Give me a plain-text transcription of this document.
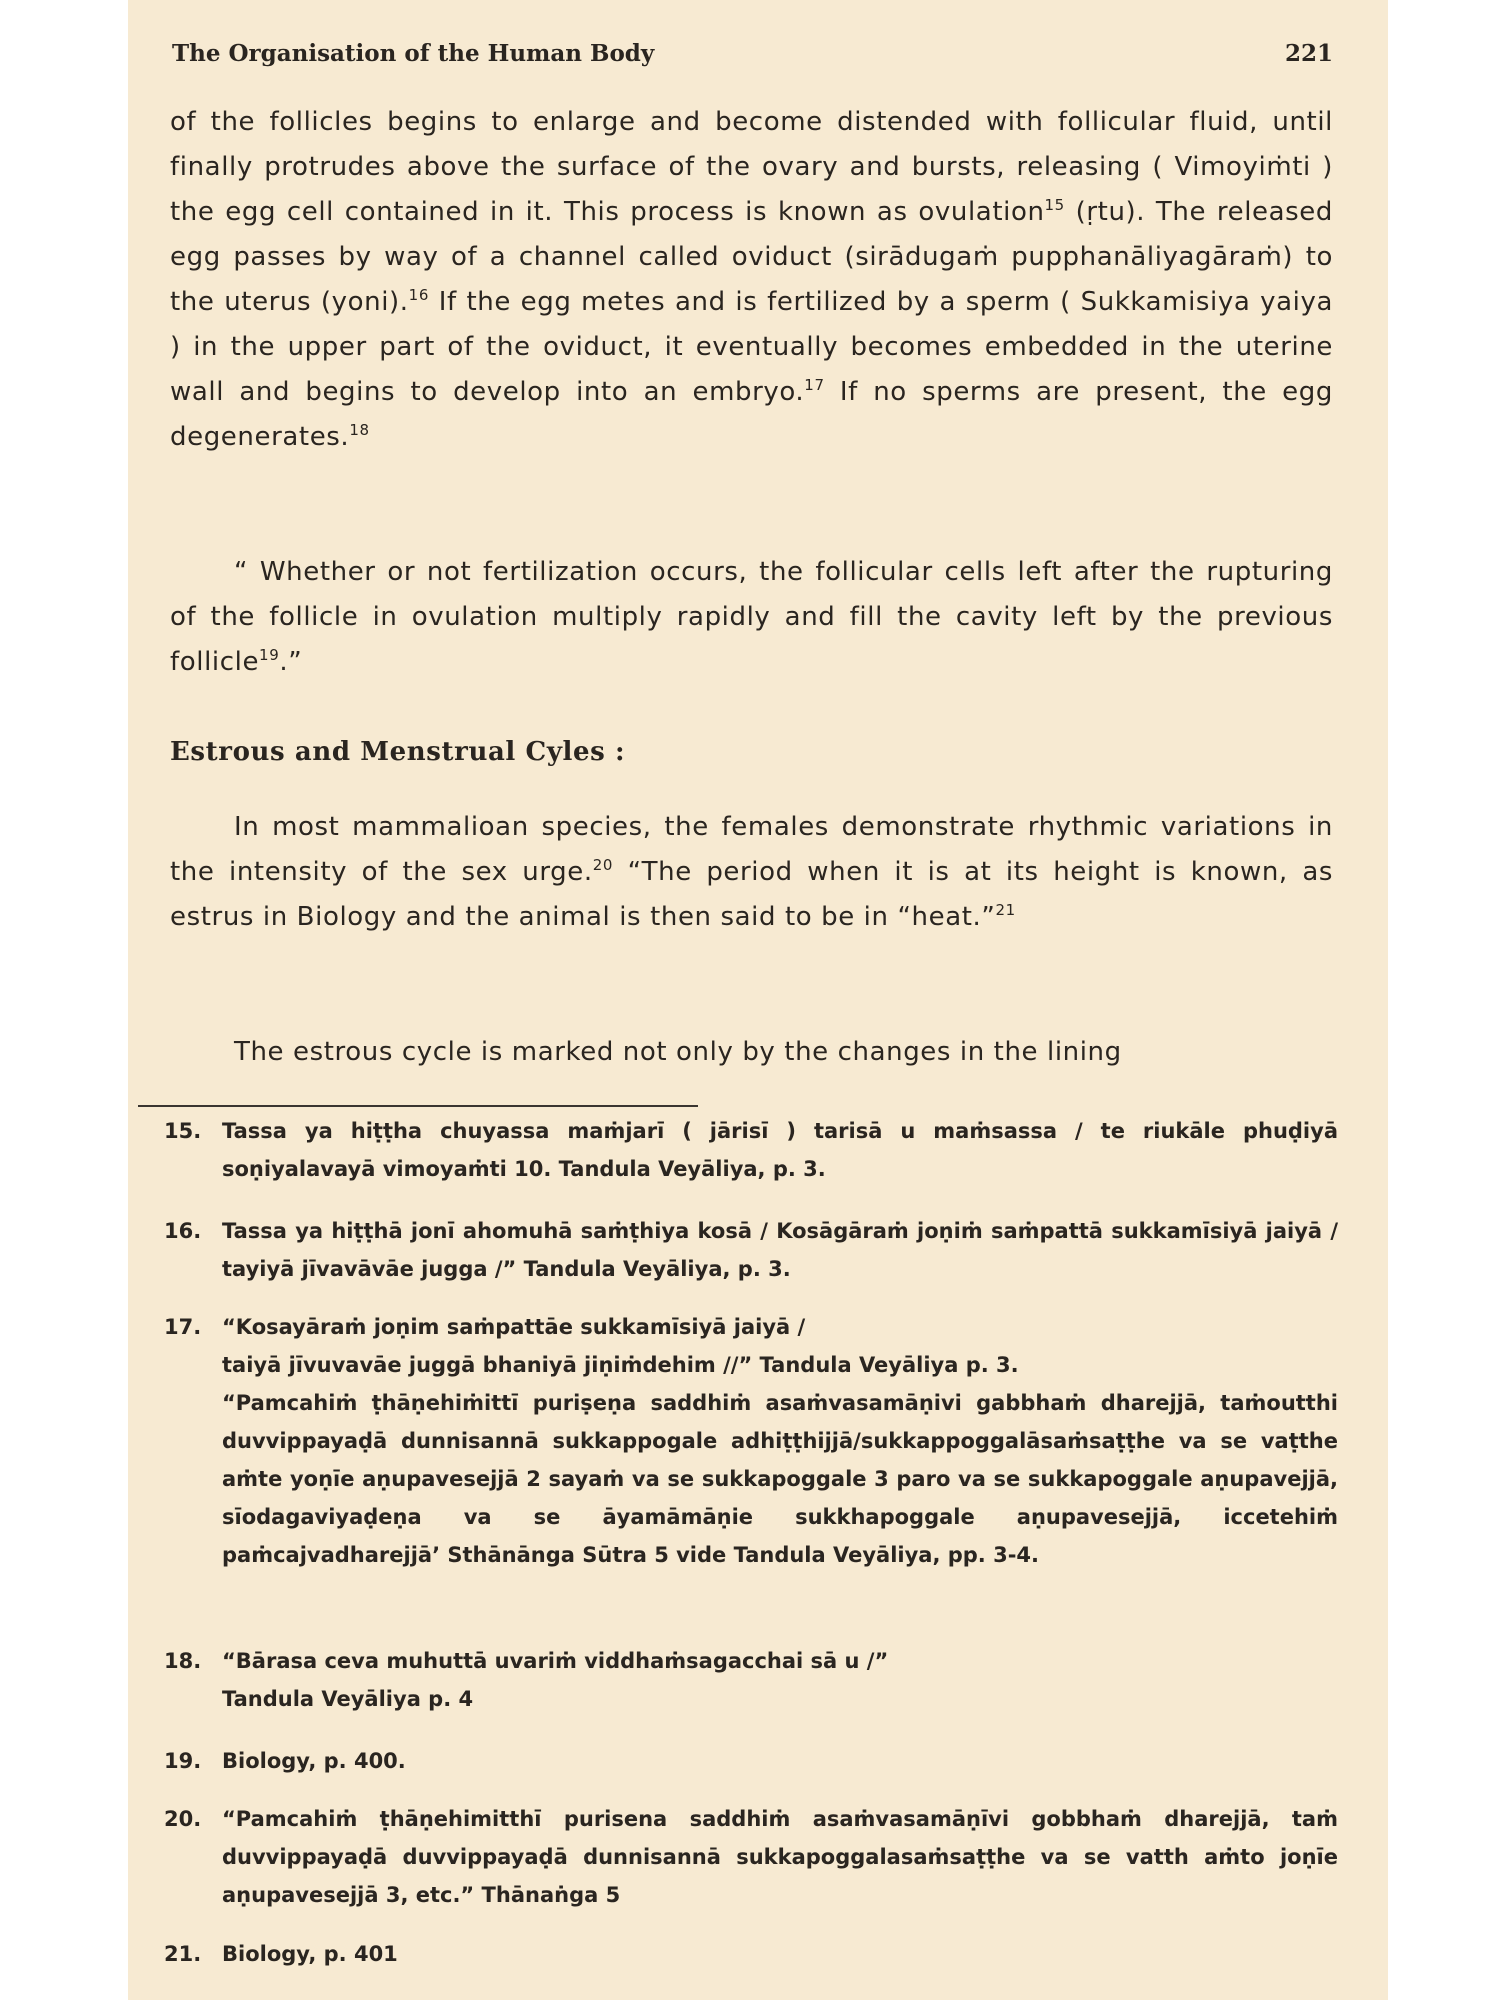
The Organisation of the Human Body	221

of the follicles begins to enlarge and become distended with follicular fluid, until finally protrudes above the surface of the ovary and bursts, releasing ( Vimoyiṁti ) the egg cell contained in it. This process is known as ovulation$^{15}$ (ṛtu). The released egg passes by way of a channel called oviduct (sirādugaṁ pupphanāliyagāraṁ) to the uterus (yoni).$^{16}$ If the egg metes and is fertilized by a sperm ( Sukkamisiya yaiya ) in the upper part of the oviduct, it eventually becomes embedded in the uterine wall and begins to develop into an embryo.$^{17}$ If no sperms are present, the egg degenerates.$^{18}$

“ Whether or not fertilization occurs, the follicular cells left after the rupturing of the follicle in ovulation multiply rapidly and fill the cavity left by the previous follicle$^{19}$.”

Estrous and Menstrual Cyles :

In most mammalioan species, the females demonstrate rhythmic variations in the intensity of the sex urge.$^{20}$ “The period when it is at its height is known, as estrus in Biology and the animal is then said to be in “heat.”$^{21}$

The estrous cycle is marked not only by the changes in the lining

15. Tassa ya hiṭṭha chuyassa maṁjarī ( jārisī ) tarisā u maṁsassa / te riukāle phuḍiyā soṇiyalavayā vimoyaṁti 10. Tandula Veyāliya, p. 3.
16. Tassa ya hiṭṭhā jonī ahomuhā saṁṭhiya kosā / Kosāgāraṁ joṇiṁ saṁpattā sukkamīsiyā jaiyā / tayiyā jīvavāvāe jugga /” Tandula Veyāliya, p. 3.
17. “Kosayāraṁ joṇim saṁpattāe sukkamīsiyā jaiyā /
taiyā jīvuvavāe juggā bhaniyā jiṇiṁdehim //” Tandula Veyāliya p. 3.
“Pamcahiṁ ṭhāṇehiṁittī puriṣeṇa saddhiṁ asaṁvasamāṇivi gabbhaṁ dharejjā, taṁoutthi duvvippayaḍā dunnisannā sukkappogale adhiṭṭhijjā/sukkappoggalāsaṁsaṭṭhe va se vaṭthe aṁte yoṇīe aṇupavesejjā 2 sayaṁ va se sukkapoggale 3 paro va se sukkapoggale aṇupavejjā, sīodagaviyaḍeṇa va se āyamāmāṇie sukkhapoggale aṇupavesejjā, iccetehiṁ paṁcajvadharejjā’ Sthānānga Sūtra 5 vide Tandula Veyāliya, pp. 3-4.
18. “Bārasa ceva muhuttā uvariṁ viddhaṁsagacchai sā u /”
Tandula Veyāliya p. 4
19. Biology, p. 400.
20. “Pamcahiṁ ṭhāṇehimitthī purisena saddhiṁ asaṁvasamāṇīvi gobbhaṁ dharejjā, taṁ duvvippayaḍā duvvippayaḍā dunnisannā sukkapoggalasaṁsaṭṭhe va se vatth aṁto joṇīe aṇupavesejjā 3, etc.” Thānaṅga 5
21. Biology, p. 401
